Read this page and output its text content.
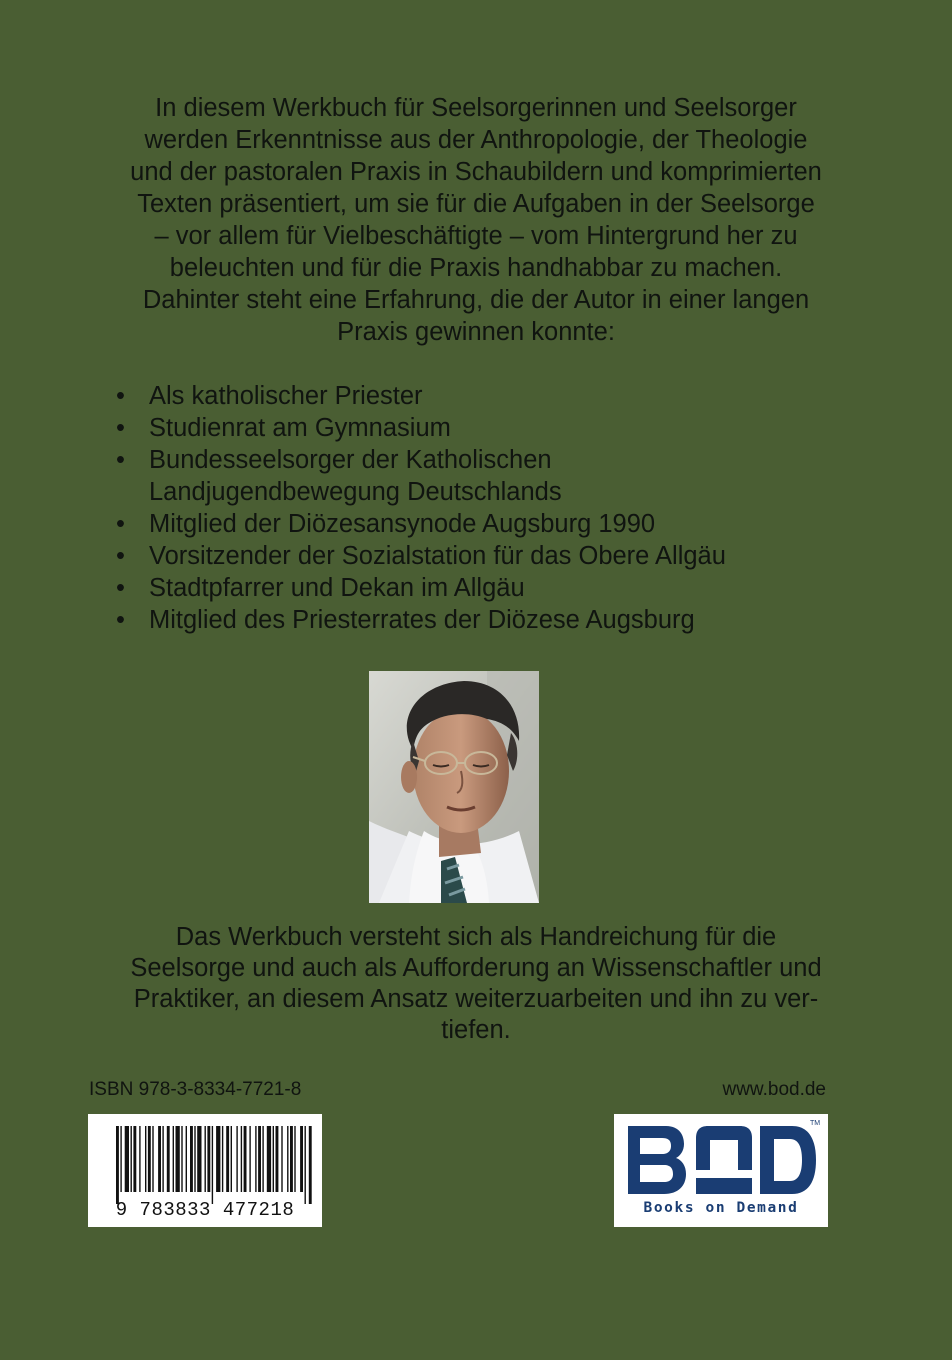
In diesem Werkbuch für Seelsorgerinnen und Seelsorger
werden Erkenntnisse aus der Anthropologie, der Theologie
und der pastoralen Praxis in Schaubildern und komprimierten
Texten präsentiert, um sie für die Aufgaben in der Seelsorge
– vor allem für Vielbeschäftigte – vom Hintergrund her zu
beleuchten und für die Praxis handhabbar zu machen.
Dahinter steht eine Erfahrung, die der Autor in einer langen
Praxis gewinnen konnte:

• Als katholischer Priester
• Studienrat am Gymnasium
• Bundesseelsorger der Katholischen
Landjugendbewegung Deutschlands
• Mitglied der Diözesansynode Augsburg 1990
• Vorsitzender der Sozialstation für das Obere Allgäu
• Stadtpfarrer und Dekan im Allgäu
• Mitglied des Priesterrates der Diözese Augsburg

Das Werkbuch versteht sich als Handreichung für die
Seelsorge und auch als Aufforderung an Wissenschaftler und
Praktiker, an diesem Ansatz weiterzuarbeiten und ihn zu ver-
tiefen.

ISBN 978-3-8334-7721-8	www.bod.de
9 783833 477218
TM
Books on Demand
